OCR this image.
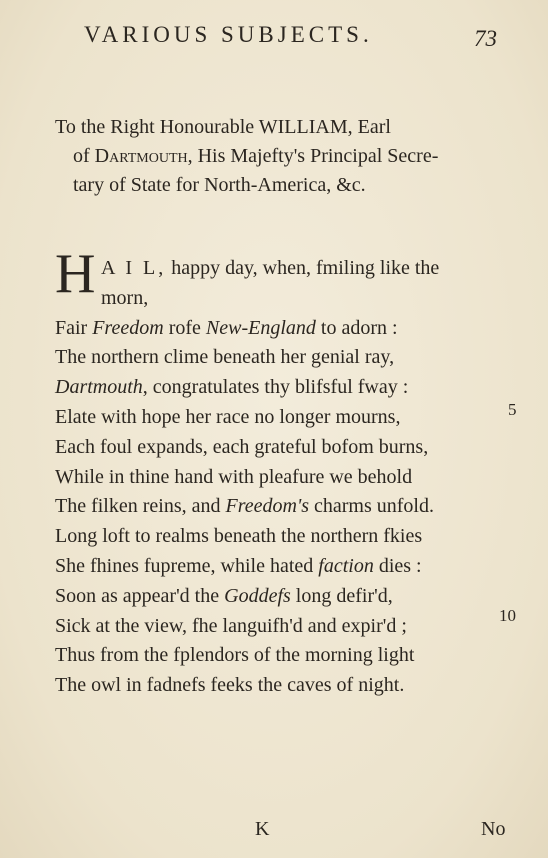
VARIOUS SUBJECTS.	73
To the Right Honourable WILLIAM, Earl
of Dartmouth, His Majefty's Principal Secre-
tary of State for North-America, &c.
H A I L, happy day, when, fmiling like the
morn,
Fair Freedom rofe New-England to adorn :
The northern clime beneath her genial ray,
Dartmouth, congratulates thy blifsful fway :
Elate with hope her race no longer mourns,
Each foul expands, each grateful bofom burns,
While in thine hand with pleafure we behold
The filken reins, and Freedom's charms unfold.
Long loft to realms beneath the northern fkies
She fhines fupreme, while hated faction dies :
Soon as appear'd the Goddefs long defir'd,
Sick at the view, fhe languifh'd and expir'd ;
Thus from the fplendors of the morning light
The owl in fadnefs feeks the caves of night.
5
10
K	No
